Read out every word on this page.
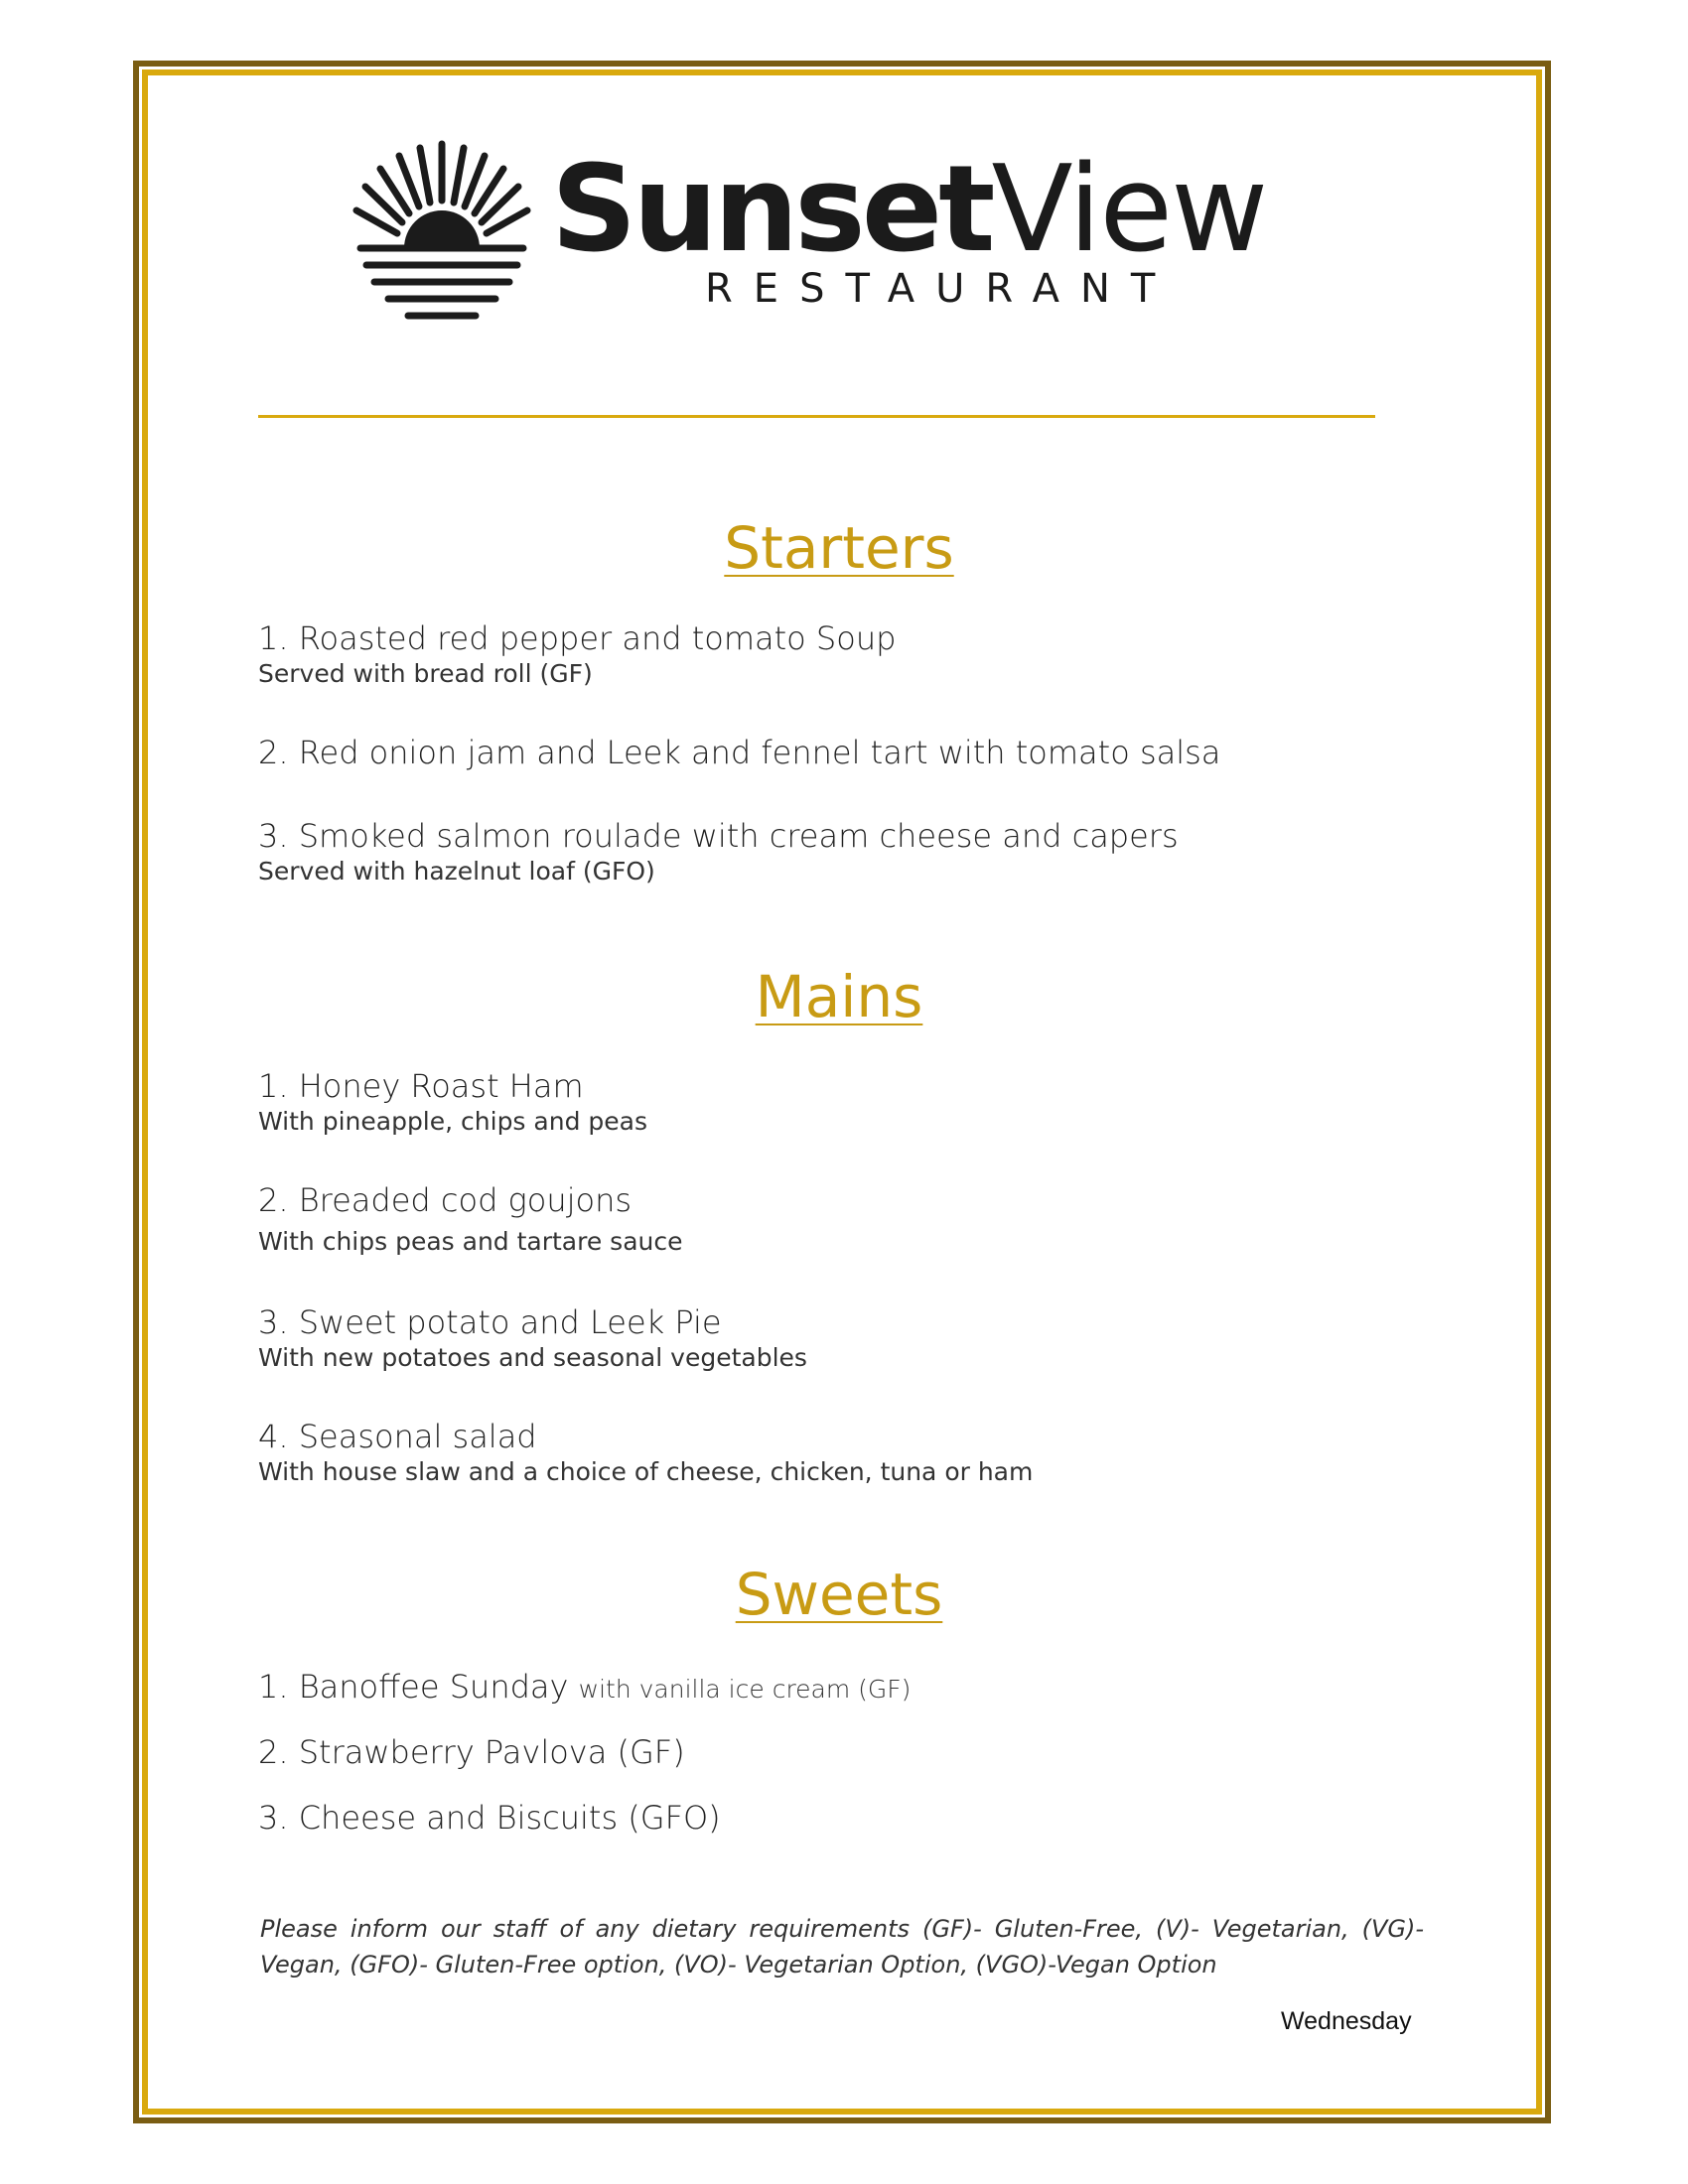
SunsetView
RESTAURANT
Starters
1. Roasted red pepper and tomato Soup
Served with bread roll (GF)
2. Red onion jam and Leek and fennel tart with tomato salsa
3. Smoked salmon roulade with cream cheese and capers
Served with hazelnut loaf (GFO)
Mains
1. Honey Roast Ham
With pineapple, chips and peas
2. Breaded cod goujons
With chips peas and tartare sauce
3. Sweet potato and Leek Pie
With new potatoes and seasonal vegetables
4. Seasonal salad
With house slaw and a choice of cheese, chicken, tuna or ham
Sweets
1. Banoffee Sunday with vanilla ice cream (GF)
2. Strawberry Pavlova (GF)
3. Cheese and Biscuits (GFO)
Please inform our staff of any dietary requirements (GF)- Gluten-Free, (V)- Vegetarian, (VG)- Vegan, (GFO)- Gluten-Free option, (VO)- Vegetarian Option, (VGO)-Vegan Option
Wednesday
